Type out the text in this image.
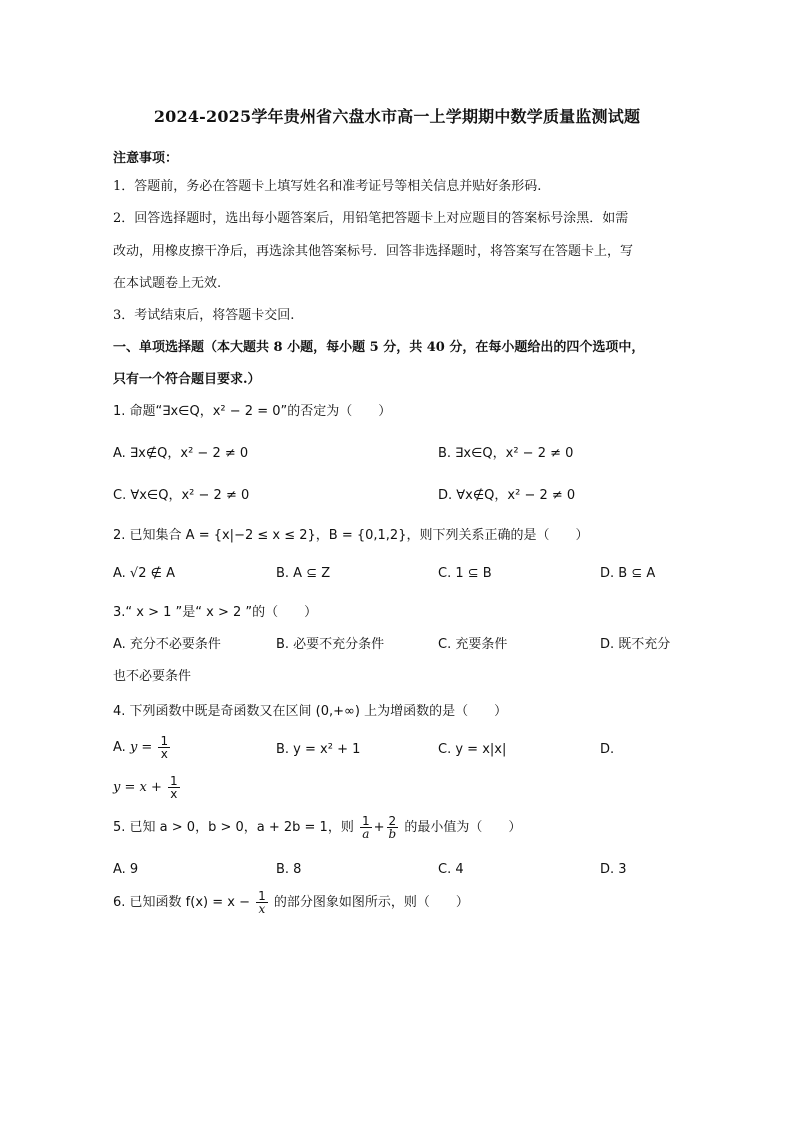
2024-2025学年贵州省六盘水市高一上学期期中数学质量监测试题
注意事项：
1．答题前，务必在答题卡上填写姓名和准考证号等相关信息并贴好条形码.
2．回答选择题时，选出每小题答案后，用铅笔把答题卡上对应题目的答案标号涂黑．如需
改动，用橡皮擦干净后，再选涂其他答案标号．回答非选择题时，将答案写在答题卡上，写
在本试题卷上无效.
3．考试结束后，将答题卡交回.
一、单项选择题（本大题共 8 小题，每小题 5 分，共 40 分，在每小题给出的四个选项中，
只有一个符合题目要求.）
1. 命题“∃x∈Q，x² − 2 = 0”的否定为（　　）
A. ∃x∉Q，x² − 2 ≠ 0	B. ∃x∈Q，x² − 2 ≠ 0
C. ∀x∈Q，x² − 2 ≠ 0	D. ∀x∉Q，x² − 2 ≠ 0
2. 已知集合 A = {x|−2 ≤ x ≤ 2}，B = {0,1,2}，则下列关系正确的是（　　）
A. √2 ∉ A	B. A ⊆ Z	C. 1 ⊆ B	D. B ⊆ A
3.“ x > 1 ”是“ x > 2 ”的（　　）
A. 充分不必要条件	B. 必要不充分条件	C. 充要条件	D. 既不充分
也不必要条件
4. 下列函数中既是奇函数又在区间 (0,+∞) 上为增函数的是（　　）
A. $y = \frac{1}{x}$	B. y = x² + 1	C. y = x|x|	D.
$y = x + \frac{1}{x}$
5. 已知 a > 0，b > 0，a + 2b = 1，则 $\frac{1}{a} + \frac{2}{b}$ 的最小值为（　　）
A. 9	B. 8	C. 4	D. 3
6. 已知函数 $f(x) = x - \frac{1}{x}$ 的部分图象如图所示，则（　　）
